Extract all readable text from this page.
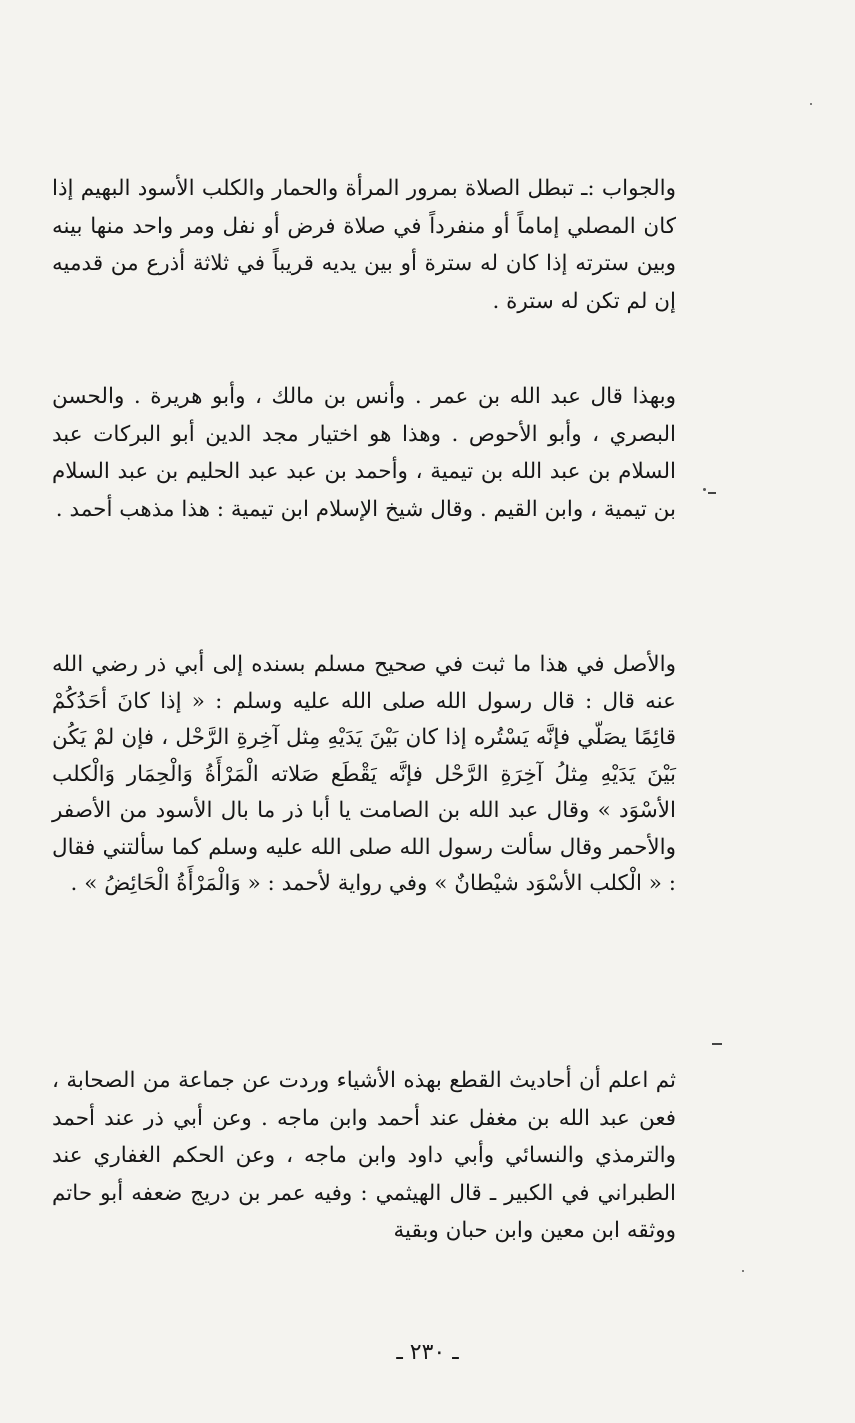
والجواب :ـ تبطل الصلاة بمرور المرأة والحمار والكلب الأسود البهيم إذا كان المصلي إماماً أو منفرداً في صلاة فرض أو نفل ومر واحد منها بينه وبين سترته إذا كان له سترة أو بين يديه قريباً في ثلاثة أذرع من قدميه إن لم تكن له سترة .

وبهذا قال عبد الله بن عمر . وأنس بن مالك ، وأبو هريرة . والحسن البصري ، وأبو الأحوص . وهذا هو اختيار مجد الدين أبو البركات عبد السلام بن عبد الله بن تيمية ، وأحمد بن عبد عبد الحليم بن عبد السلام بن تيمية ، وابن القيم . وقال شيخ الإسلام ابن تيمية : هذا مذهب أحمد .

والأصل في هذا ما ثبت في صحيح مسلم بسنده إلى أبي ذر رضي الله عنه قال : قال رسول الله صلى الله عليه وسلم : « إذا كانَ أحَدُكُمْ قائِمًا يصَلّي فإنَّه يَسْتُره إذا كان بَيْنَ يَدَيْهِ مِثل آخِرةِ الرَّحْل ، فإن لمْ يَكُن بَيْنَ يَدَيْهِ مِثلُ آخِرَةِ الرَّحْل فإنَّه يَقْطَع صَلاته الْمَرْأَةُ وَالْحِمَار وَالْكلب الأسْوَد » وقال عبد الله بن الصامت يا أبا ذر ما بال الأسود من الأصفر والأحمر وقال سألت رسول الله صلى الله عليه وسلم كما سألتني فقال : « الْكلب الأسْوَد شيْطانٌ » وفي رواية لأحمد : « وَالْمَرْأَةُ الْحَائِضُ » .

ثم اعلم أن أحاديث القطع بهذه الأشياء وردت عن جماعة من الصحابة ، فعن عبد الله بن مغفل عند أحمد وابن ماجه . وعن أبي ذر عند أحمد والترمذي والنسائي وأبي داود وابن ماجه ، وعن الحكم الغفاري عند الطبراني في الكبير ـ قال الهيثمي : وفيه عمر بن دريج ضعفه أبو حاتم ووثقه ابن معين وابن حبان وبقية

ـ ٢٣٠ ـ
